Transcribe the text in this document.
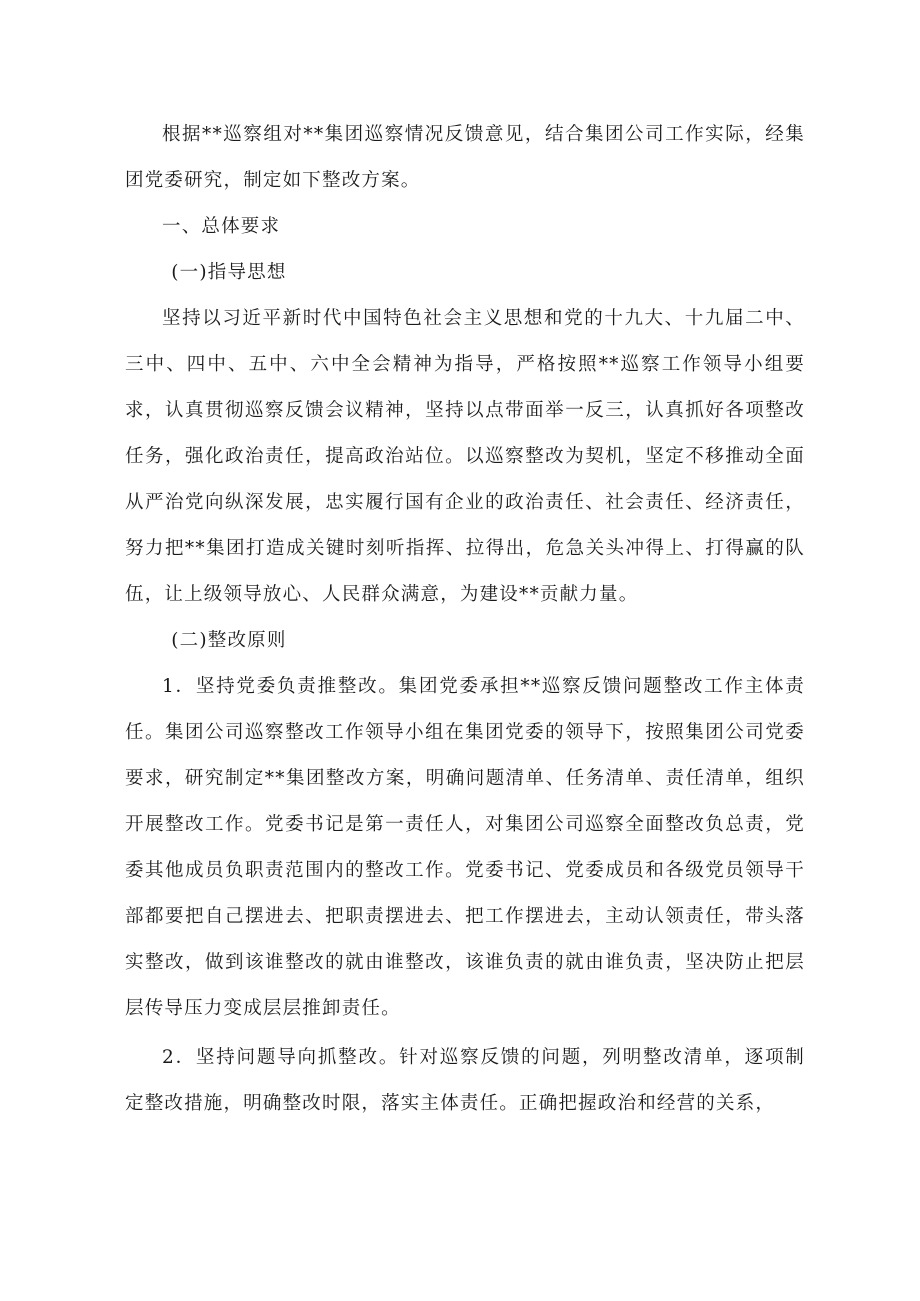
根据**巡察组对**集团巡察情况反馈意见，结合集团公司工作实际，经集团党委研究，制定如下整改方案。

一、总体要求

(一)指导思想

坚持以习近平新时代中国特色社会主义思想和党的十九大、十九届二中、三中、四中、五中、六中全会精神为指导，严格按照**巡察工作领导小组要求，认真贯彻巡察反馈会议精神，坚持以点带面举一反三，认真抓好各项整改任务，强化政治责任，提高政治站位。以巡察整改为契机，坚定不移推动全面从严治党向纵深发展，忠实履行国有企业的政治责任、社会责任、经济责任，努力把**集团打造成关键时刻听指挥、拉得出，危急关头冲得上、打得赢的队伍，让上级领导放心、人民群众满意，为建设**贡献力量。

(二)整改原则

1．坚持党委负责推整改。集团党委承担**巡察反馈问题整改工作主体责任。集团公司巡察整改工作领导小组在集团党委的领导下，按照集团公司党委要求，研究制定**集团整改方案，明确问题清单、任务清单、责任清单，组织开展整改工作。党委书记是第一责任人，对集团公司巡察全面整改负总责，党委其他成员负职责范围内的整改工作。党委书记、党委成员和各级党员领导干部都要把自己摆进去、把职责摆进去、把工作摆进去，主动认领责任，带头落实整改，做到该谁整改的就由谁整改，该谁负责的就由谁负责，坚决防止把层层传导压力变成层层推卸责任。

2．坚持问题导向抓整改。针对巡察反馈的问题，列明整改清单，逐项制定整改措施，明确整改时限，落实主体责任。正确把握政治和经营的关系，
